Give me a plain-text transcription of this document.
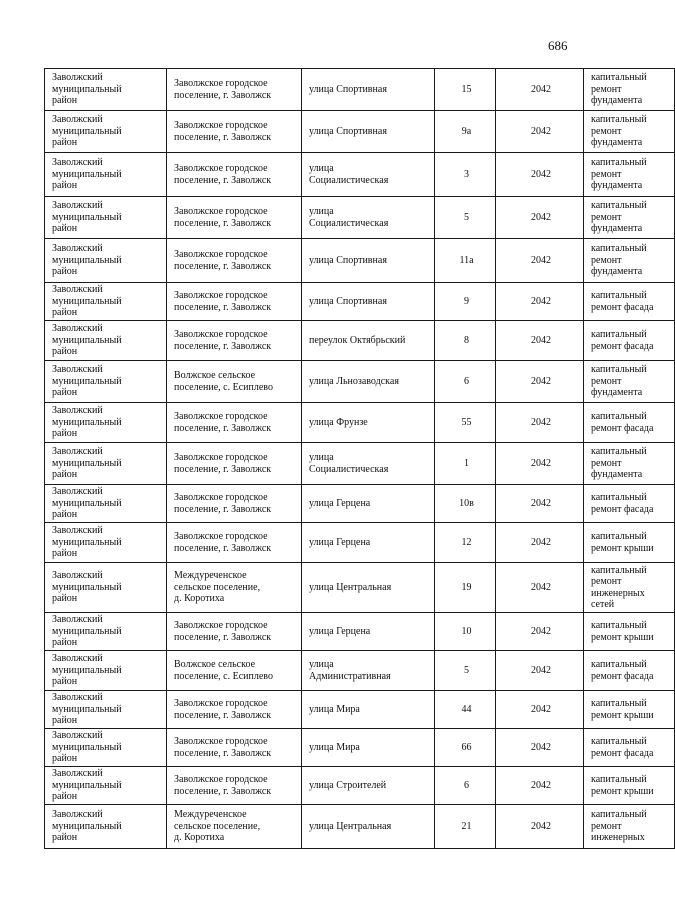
686
Заволжский
муниципальный
район	Заволжское городское
поселение, г. Заволжск	улица Спортивная	15	2042	капитальный
ремонт
фундамента

Заволжский
муниципальный
район	Заволжское городское
поселение, г. Заволжск	улица Спортивная	9а	2042	капитальный
ремонт
фундамента

Заволжский
муниципальный
район	Заволжское городское
поселение, г. Заволжск	улица
Социалистическая	3	2042	капитальный
ремонт
фундамента

Заволжский
муниципальный
район	Заволжское городское
поселение, г. Заволжск	улица
Социалистическая	5	2042	капитальный
ремонт
фундамента

Заволжский
муниципальный
район	Заволжское городское
поселение, г. Заволжск	улица Спортивная	11а	2042	капитальный
ремонт
фундамента

Заволжский
муниципальный
район	Заволжское городское
поселение, г. Заволжск	улица Спортивная	9	2042	капитальный
ремонт фасада

Заволжский
муниципальный
район	Заволжское городское
поселение, г. Заволжск	переулок Октябрьский	8	2042	капитальный
ремонт фасада

Заволжский
муниципальный
район	Волжское сельское
поселение, с. Есиплево	улица Льнозаводская	6	2042	капитальный
ремонт
фундамента

Заволжский
муниципальный
район	Заволжское городское
поселение, г. Заволжск	улица Фрунзе	55	2042	капитальный
ремонт фасада

Заволжский
муниципальный
район	Заволжское городское
поселение, г. Заволжск	улица
Социалистическая	1	2042	капитальный
ремонт
фундамента

Заволжский
муниципальный
район	Заволжское городское
поселение, г. Заволжск	улица Герцена	10в	2042	капитальный
ремонт фасада

Заволжский
муниципальный
район	Заволжское городское
поселение, г. Заволжск	улица Герцена	12	2042	капитальный
ремонт крыши

Заволжский
муниципальный
район	Междуреченское
сельское поселение,
д. Коротиха	улица Центральная	19	2042	капитальный
ремонт
инженерных
сетей

Заволжский
муниципальный
район	Заволжское городское
поселение, г. Заволжск	улица Герцена	10	2042	капитальный
ремонт крыши

Заволжский
муниципальный
район	Волжское сельское
поселение, с. Есиплево	улица
Административная	5	2042	капитальный
ремонт фасада

Заволжский
муниципальный
район	Заволжское городское
поселение, г. Заволжск	улица Мира	44	2042	капитальный
ремонт крыши

Заволжский
муниципальный
район	Заволжское городское
поселение, г. Заволжск	улица Мира	66	2042	капитальный
ремонт фасада

Заволжский
муниципальный
район	Заволжское городское
поселение, г. Заволжск	улица Строителей	6	2042	капитальный
ремонт крыши

Заволжский
муниципальный
район	Междуреченское
сельское поселение,
д. Коротиха	улица Центральная	21	2042	капитальный
ремонт
инженерных
